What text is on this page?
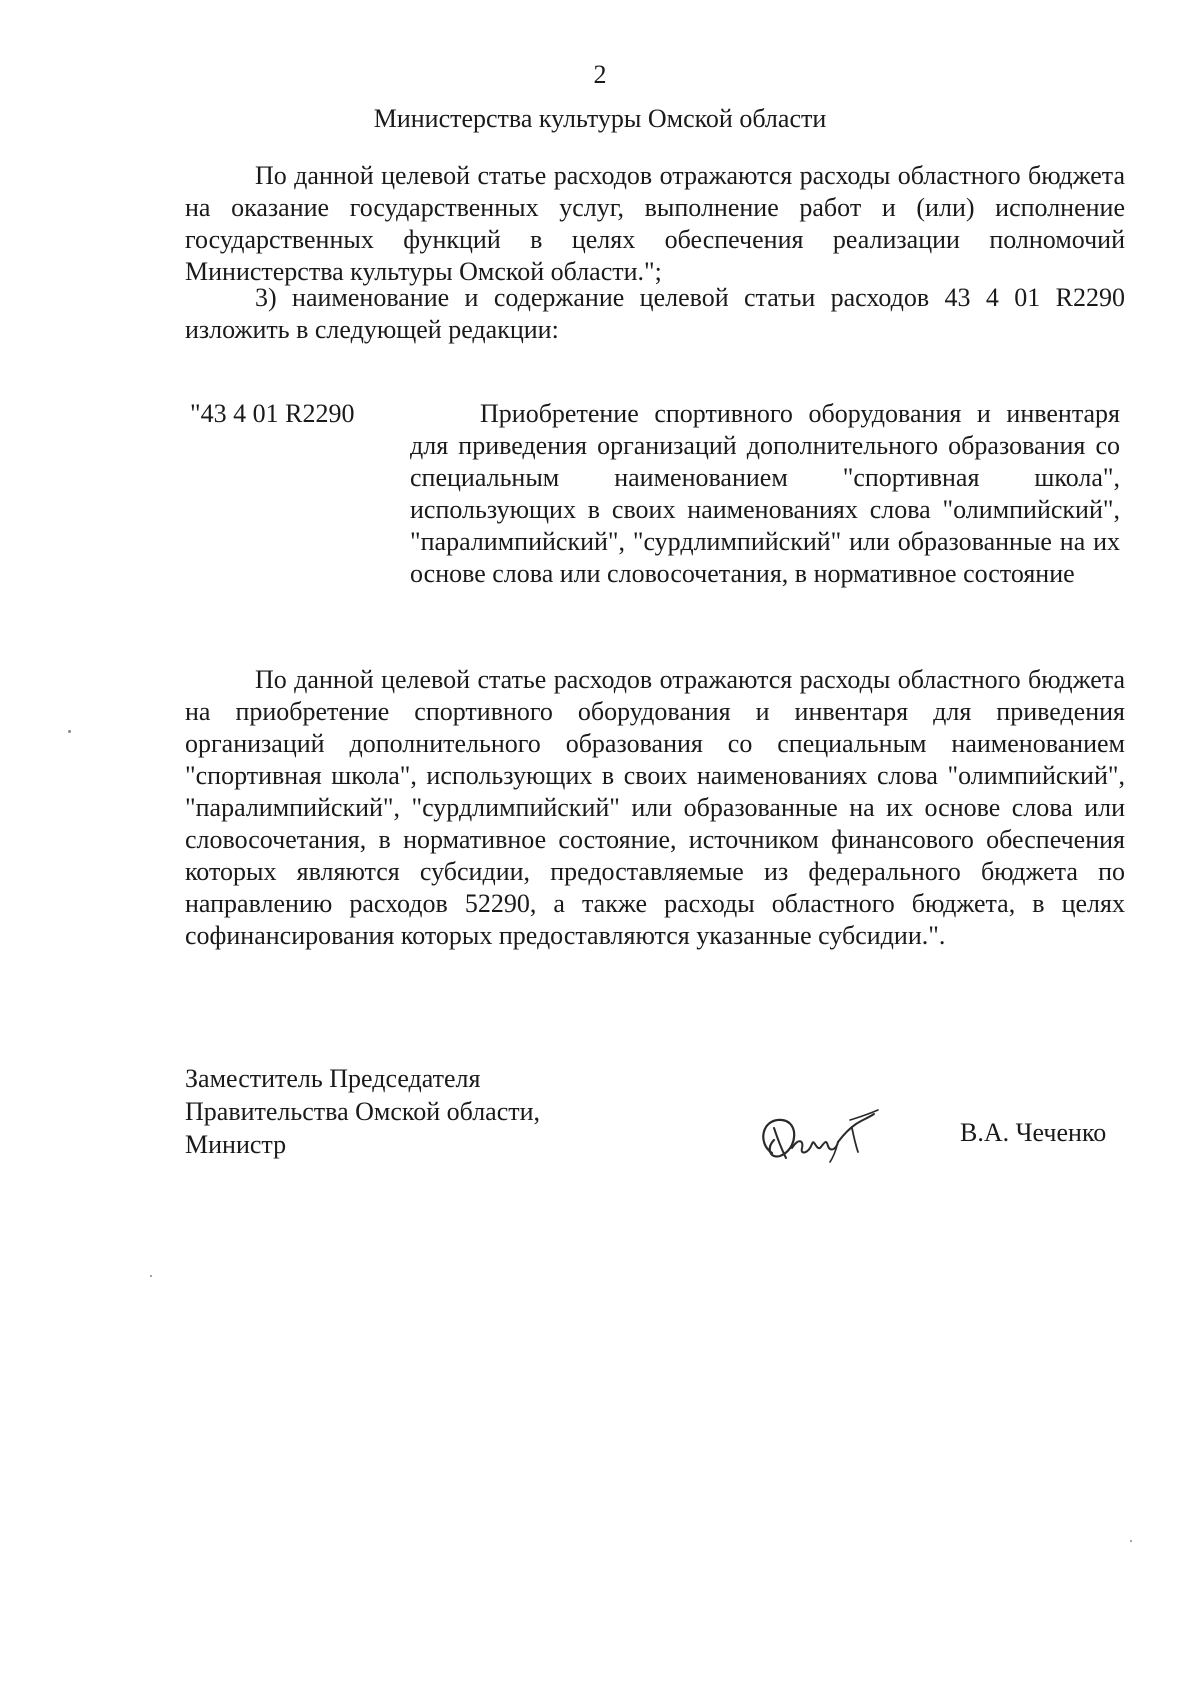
2
Министерства культуры Омской области

По данной целевой статье расходов отражаются расходы областного бюджета на оказание государственных услуг, выполнение работ и (или) исполнение государственных функций в целях обеспечения реализации полномочий Министерства культуры Омской области.";

3) наименование и содержание целевой статьи расходов 43 4 01 R2290 изложить в следующей редакции:

"43 4 01 R2290	Приобретение спортивного оборудования и инвентаря для приведения организаций дополнительного образования со специальным наименованием "спортивная школа", использующих в своих наименованиях слова "олимпийский", "паралимпийский", "сурдлимпийский" или образованные на их основе слова или словосочетания, в нормативное состояние

По данной целевой статье расходов отражаются расходы областного бюджета на приобретение спортивного оборудования и инвентаря для приведения организаций дополнительного образования со специальным наименованием "спортивная школа", использующих в своих наименованиях слова "олимпийский", "паралимпийский", "сурдлимпийский" или образованные на их основе слова или словосочетания, в нормативное состояние, источником финансового обеспечения которых являются субсидии, предоставляемые из федерального бюджета по направлению расходов 52290, а также расходы областного бюджета, в целях софинансирования которых предоставляются указанные субсидии.".

Заместитель Председателя
Правительства Омской области,
Министр	В.А. Чеченко
